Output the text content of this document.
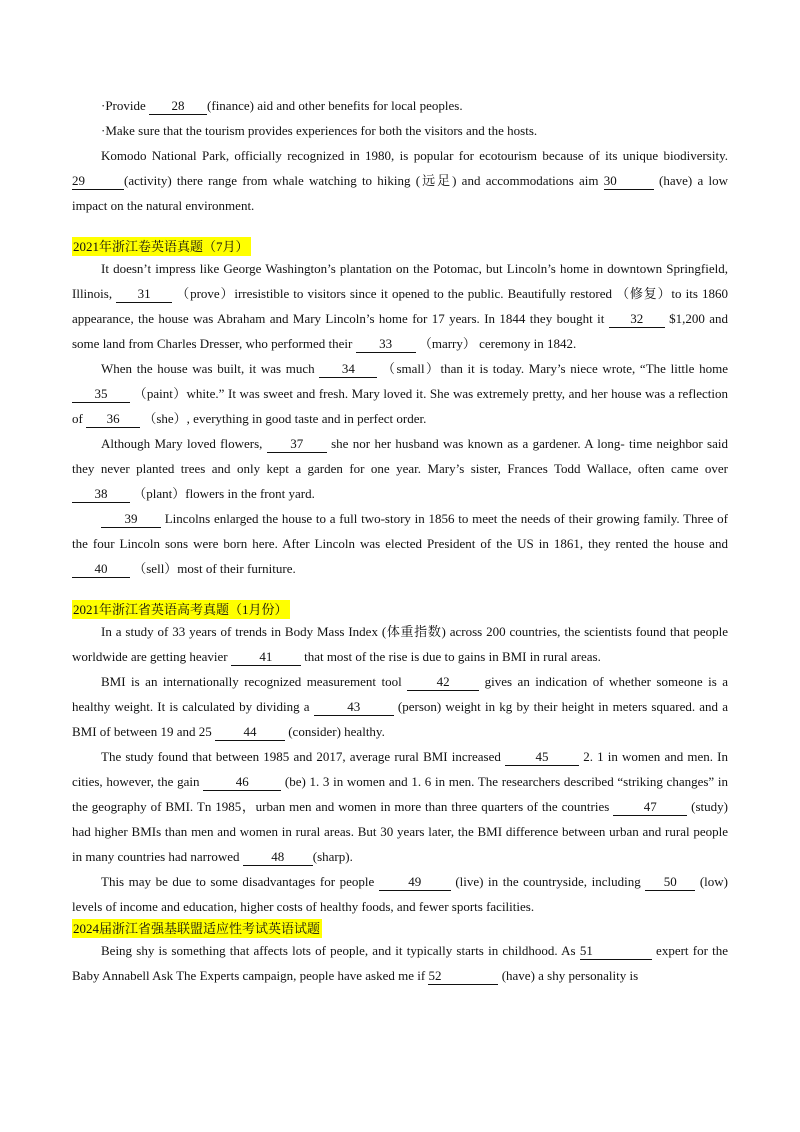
·Provide 28 (finance) aid and other benefits for local peoples.

·Make sure that the tourism provides experiences for both the visitors and the hosts.

Komodo National Park, officially recognized in 1980, is popular for ecotourism because of its unique biodiversity.29	(activity) there range from whale watching to hiking (远足) and accommodations aim 30	(have) a low impact on the natural environment.

2021年浙江卷英语真题（7月）

It doesn’t impress like George Washington’s plantation on the Potomac, but Lincoln’s home in downtown Springfield, Illinois, 31 （prove）irresistible to visitors since it opened to the public. Beautifully restored （修复）to its 1860 appearance, the house was Abraham and Mary Lincoln’s home for 17 years. In 1844 they bought it 32 $1,200 and some land from Charles Dresser, who performed their 33 （marry） ceremony in 1842.

When the house was built, it was much 34 （small）than it is today. Mary’s niece wrote, “The little home 35 （paint）white.” It was sweet and fresh. Mary loved it. She was extremely pretty, and her house was a reflection of 36 （she）, everything in good taste and in perfect order.

Although Mary loved flowers, 37 she nor her husband was known as a gardener. A long- time neighbor said they never planted trees and only kept a garden for one year. Mary’s sister, Frances Todd Wallace, often came over 38 （plant）flowers in the front yard.

39 Lincolns enlarged the house to a full two-story in 1856 to meet the needs of their growing family. Three of the four Lincoln sons were born here. After Lincoln was elected President of the US in 1861, they rented the house and 40 （sell）most of their furniture.

2021年浙江省英语高考真题（1月份）

In a study of 33 years of trends in Body Mass Index (体重指数) across 200 countries, the scientists found that people worldwide are getting heavier 41 that most of the rise is due to gains in BMI in rural areas.

BMI is an internationally recognized measurement tool 42 gives an indication of whether someone is a healthy weight. It is calculated by dividing a	43	(person) weight in kg by their height in meters squared. and a BMI of between 19 and 25 44 (consider) healthy.

The study found that between 1985 and 2017, average rural BMI increased 45 2. 1 in women and men. In cities, however, the gain	46	(be) 1. 3 in women and 1. 6 in men. The researchers described “striking changes” in the geography of BMI. Tn 1985，urban men and women in more than three quarters of the countries 47 (study) had higher BMIs than men and women in rural areas. But 30 years later, the BMI difference between urban and rural people in many countries had narrowed 48 (sharp).

This may be due to some disadvantages for people 49 (live) in the countryside, including 50 (low) levels of income and education, higher costs of healthy foods, and fewer sports facilities.

2024届浙江省强基联盟适应性考试英语试题

Being shy is something that affects lots of people, and it typically starts in childhood. As 51	expert for the Baby Annabell Ask The Experts campaign, people have asked me if 52	(have) a shy personality is
